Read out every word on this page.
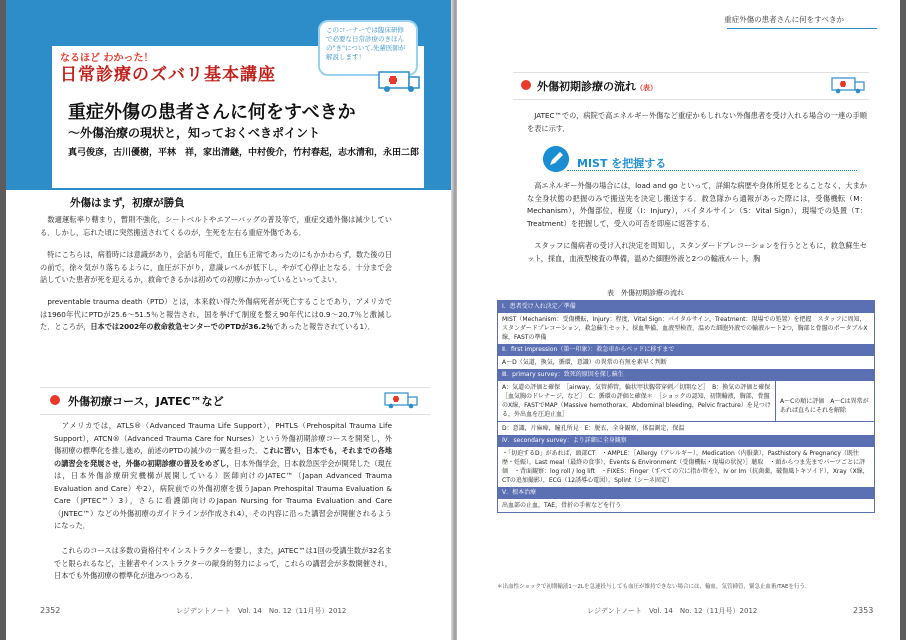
なるほど わかった！
日常診療のズバリ基本講座
このコーナーでは臨床研修で必要な日常診療のきほんの"き"について,先輩医師が解説します！
重症外傷の患者さんに何をすべきか
〜外傷治療の現状と，知っておくべきポイント
真弓俊彦，古川優樹，平林　祥，家出清継，中村俊介，竹村春起，志水清和，永田二郎
外傷はまず，初療が勝負
　数適運転率り轄まり，暫則不強化，シートベルトやエアーバッグの普及等で，重症交通外傷は減少している．しかし，忘れた頃に突然搬送されてくるのが，生死を左右る重症外傷である．
　特にこちらは，病着時には意識があり，会話も可能で，血圧も正常であったのにもかかわらず，数た後の日の前で，徐々気がり落ちるように，血圧が下がり，意識レベルが低下し，やがて心停止となる．十分まで会話していた患者が死を迎えるか，救命できるかは初めての初療にかかっているといってよい．
　preventable trauma death（PTD）とは，本来救い得た外傷病死者が死亡することであり，アメリカでは1960年代にPTDが25.6〜51.5％と報告され，国を挙げて制度を整え90年代には0.9〜20.7％と激減した．ところが，日本では2002年の救命救急センターでのPTDが36.2％であったと報告されている1）．
外傷初療コース，JATEC™など
　アメリカでは，ATLS®（Advanced Trauma Life Support），PHTLS（Prehospital Trauma Life Support），ATCN®（Advanced Trauma Care for Nurses）という外傷初期診療コースを開発し，外傷初療の標準化を推し進め，前述のPTDの減少の一翼を担った．これに習い，日本でも，それまでの各地の講習会を発展させ，外傷の初期診療の普及をめざし，日本外傷学会，日本救急医学会が開発した（現在は，日本外傷診療研究機構が展開している）医師向けのJATEC™（Japan Advanced Trauma Evaluation and Care）や2），病院前での外傷初療を扱うJapan Prehospital Trauma Evaluation & Care（JPTEC™）3），さらに看護師向けのJapan Nursing for Trauma Evaluation and Care（JNTEC™）などの外傷初療のガイドラインが作成され4），その内容に沿った講習会が開催されるようになった．
　これらのコースは多数の資格付やインストラクターを要し，また，JATEC™は1回の受講生数が32名までと限られるなど，主催者やインストラクターの献身的努力によって，これらの講習会が多数開催され，日本でも外傷初療の標準化が進みつつある．
2352	レジデントノート　Vol. 14　No. 12（11月号）2012
重症外傷の患者さんに何をすべきか
外傷初期診療の流れ（表）
　JATEC™での，病院で高エネルギー外傷など重症かもしれない外傷患者を受け入れる場合の一連の手順を表に示す．
MIST を把握する
　高エネルギー外傷の場合には，load and go といって，詳細な病歴や身体所見をとることなく，大まかな全身状態の把握のみで搬送先を決定し搬送する．救急隊から通報があった際には，受傷機転（M：Mechanism），外傷部位，程度（I：Injury），バイタルサイン（S：Vital Sign），現場での処置（T：Treatment）を把握して，受入の可否を即座に返答する．
　スタッフに傷病者の受け入れ決定を周知し，スタンダードプレコーションを行うとともに，救急蘇生セット，採血，血液型検査の準備，温めた細胞外液と2つの輸液ルート，胸
表　外傷初期診療の流れ
Ⅰ．患者受け入れ決定／準備
MIST（Mechanism：受傷機転，Injury：程度，Vital Sign：バイタルサイン，Treatment：現場での処置）を把握　スタッフに周知，スタンダードプレコーション，救急蘇生セット，採血準備，血液型検査，温めた細胞外液での輸液ルート2つ，胸部と骨盤のポータブルX線，FASTの準備
Ⅱ．first impression（第一印象）：救急車からベッドに移すまで
A〜D（気道，換気，循環，意識）の異常の有無を素早く判断
Ⅲ．primary survey：致死的原因を探し蘇生
A：気道の評価と確保　［airway，気管挿管，輪状甲状靱帯穿刺／切開など］　B：換気の評価と確保　［血気胸のドレナージ，など］　C：循環の評価と確保＊　［ショックの認知，初期輸液，胸部，骨盤のX線，FASTでMAP（Massive hemothorax，Abdominal bleeding，Pelvic fracture）を見つける，外出血を圧迫止血］
A〜Cの順に評価　A〜Cは異常があれば直ちにそれを解除
D：意識，片麻痺，瞳孔所見　E：脱衣，全身観察，体温測定，保温
Ⅳ．secondary survey：より詳細に全身観察
・「切迫するD」があれば，頭部CT　・AMPLE：［Allergy（アレルギー），Medication（内服薬），Pasthistory & Pregnancy（既往歴・妊娠），Last meal（最終の食事），Events & Environment（受傷機転・現場の状況）］聴取　・頭からつま先までパーツごとに評価　・背面観察：log roll / log lift　・FIXES：Finger（すべての穴に指か管を），Iv or Im（抗菌薬，破傷風トキソイド），Xray（X線，CTの追加撮影），ECG（12誘導心電図），Splint（シーネ固定）
Ⅴ．根本治療
出血部の止血，TAE，骨折の手術などを行う
＊出血性ショックで初期輸液1〜2Lを急速投与しても血圧が維持できない場合には，輸血，気管挿管，緊急止血術/TAEを行う．
レジデントノート　Vol. 14　No. 12（11月号）2012	2353
